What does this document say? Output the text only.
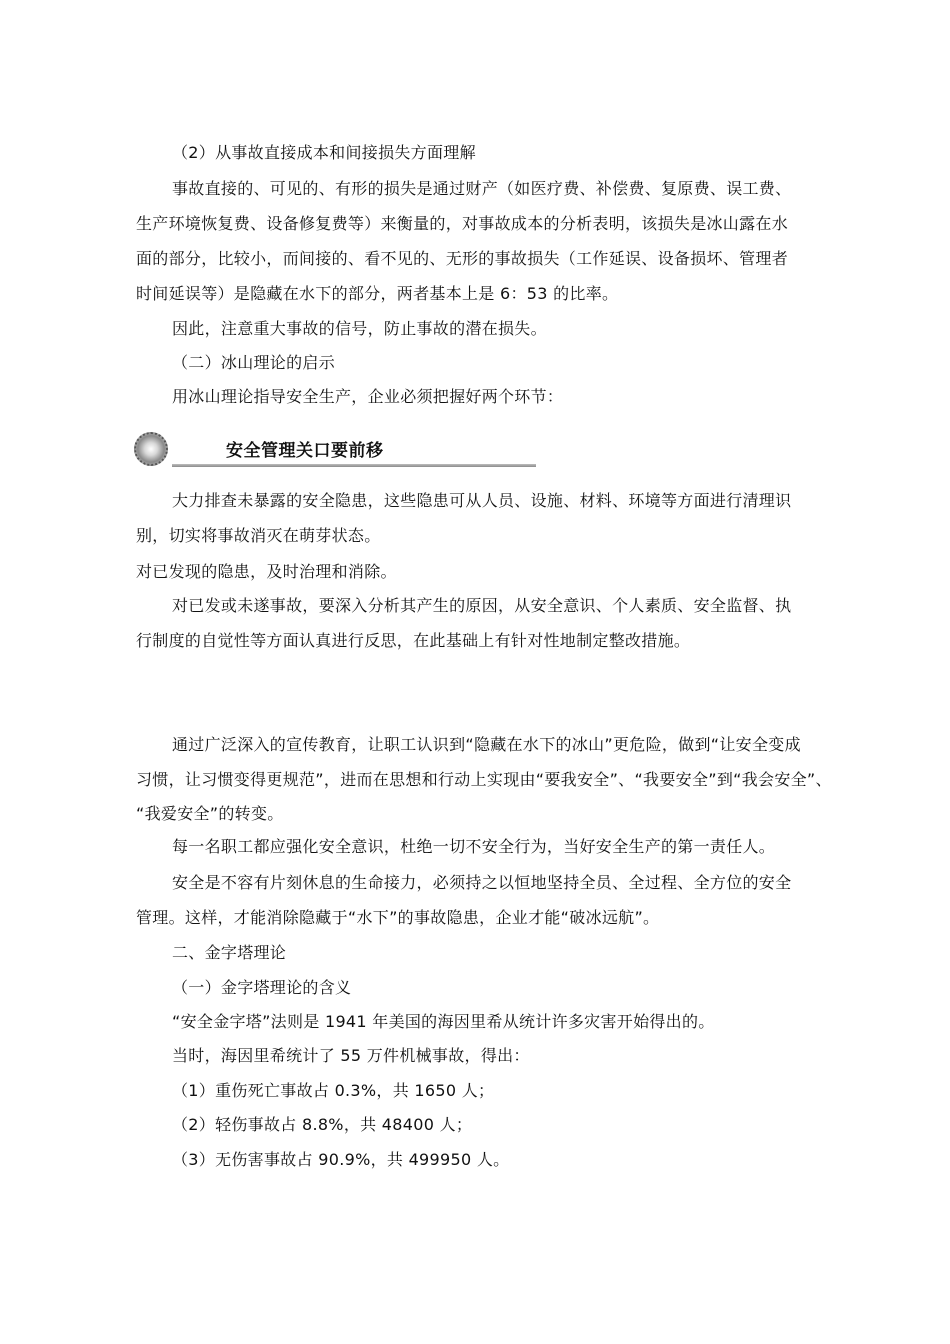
（2）从事故直接成本和间接损失方面理解
事故直接的、可见的、有形的损失是通过财产（如医疗费、补偿费、复原费、误工费、
生产环境恢复费、设备修复费等）来衡量的，对事故成本的分析表明，该损失是冰山露在水
面的部分，比较小，而间接的、看不见的、无形的事故损失（工作延误、设备损坏、管理者
时间延误等）是隐藏在水下的部分，两者基本上是 6：53 的比率。
因此，注意重大事故的信号，防止事故的潜在损失。
（二）冰山理论的启示
用冰山理论指导安全生产，企业必须把握好两个环节：
安全管理关口要前移
大力排查未暴露的安全隐患，这些隐患可从人员、设施、材料、环境等方面进行清理识
别，切实将事故消灭在萌芽状态。
对已发现的隐患，及时治理和消除。
对已发或未遂事故，要深入分析其产生的原因，从安全意识、个人素质、安全监督、执
行制度的自觉性等方面认真进行反思，在此基础上有针对性地制定整改措施。
通过广泛深入的宣传教育，让职工认识到“隐藏在水下的冰山”更危险，做到“让安全变成
习惯，让习惯变得更规范”，进而在思想和行动上实现由“要我安全”、“我要安全”到“我会安全”、
“我爱安全”的转变。
每一名职工都应强化安全意识，杜绝一切不安全行为，当好安全生产的第一责任人。
安全是不容有片刻休息的生命接力，必须持之以恒地坚持全员、全过程、全方位的安全
管理。这样，才能消除隐藏于“水下”的事故隐患，企业才能“破冰远航”。
二、金字塔理论
（一）金字塔理论的含义
“安全金字塔”法则是 1941 年美国的海因里希从统计许多灾害开始得出的。
当时，海因里希统计了 55 万件机械事故，得出：
（1）重伤死亡事故占 0.3%，共 1650 人；
（2）轻伤事故占 8.8%，共 48400 人；
（3）无伤害事故占 90.9%，共 499950 人。
